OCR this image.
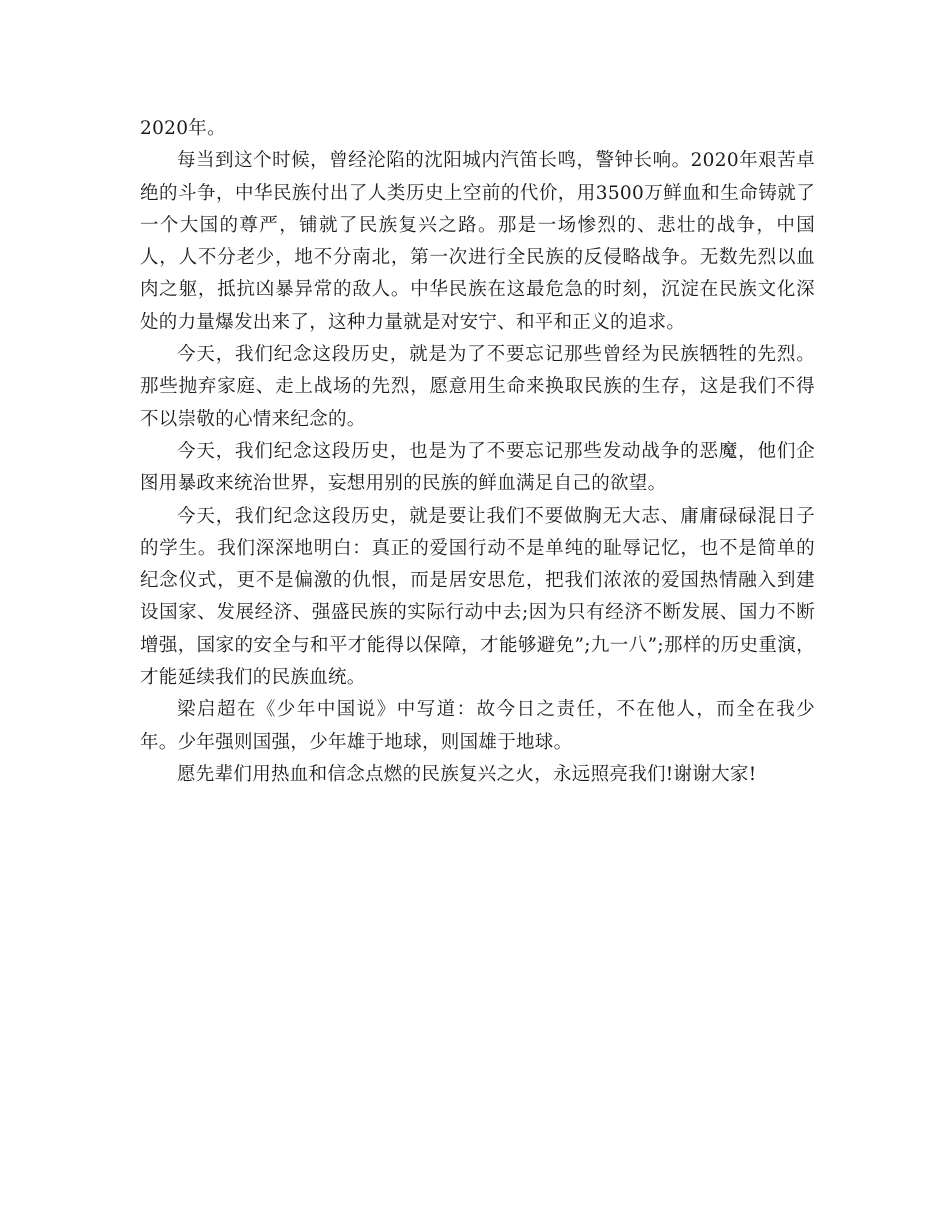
2020年。

每当到这个时候，曾经沦陷的沈阳城内汽笛长鸣，警钟长响。2020年艰苦卓绝的斗争，中华民族付出了人类历史上空前的代价，用3500万鲜血和生命铸就了一个大国的尊严，铺就了民族复兴之路。那是一场惨烈的、悲壮的战争，中国人，人不分老少，地不分南北，第一次进行全民族的反侵略战争。无数先烈以血肉之躯，抵抗凶暴异常的敌人。中华民族在这最危急的时刻，沉淀在民族文化深处的力量爆发出来了，这种力量就是对安宁、和平和正义的追求。

今天，我们纪念这段历史，就是为了不要忘记那些曾经为民族牺牲的先烈。那些抛弃家庭、走上战场的先烈，愿意用生命来换取民族的生存，这是我们不得不以崇敬的心情来纪念的。

今天，我们纪念这段历史，也是为了不要忘记那些发动战争的恶魔，他们企图用暴政来统治世界，妄想用别的民族的鲜血满足自己的欲望。

今天，我们纪念这段历史，就是要让我们不要做胸无大志、庸庸碌碌混日子的学生。我们深深地明白：真正的爱国行动不是单纯的耻辱记忆，也不是简单的纪念仪式，更不是偏激的仇恨，而是居安思危，把我们浓浓的爱国热情融入到建设国家、发展经济、强盛民族的实际行动中去;因为只有经济不断发展、国力不断增强，国家的安全与和平才能得以保障，才能够避免”;九一八”;那样的历史重演，才能延续我们的民族血统。

梁启超在《少年中国说》中写道：故今日之责任，不在他人，而全在我少年。少年强则国强，少年雄于地球，则国雄于地球。

愿先辈们用热血和信念点燃的民族复兴之火，永远照亮我们!谢谢大家!
